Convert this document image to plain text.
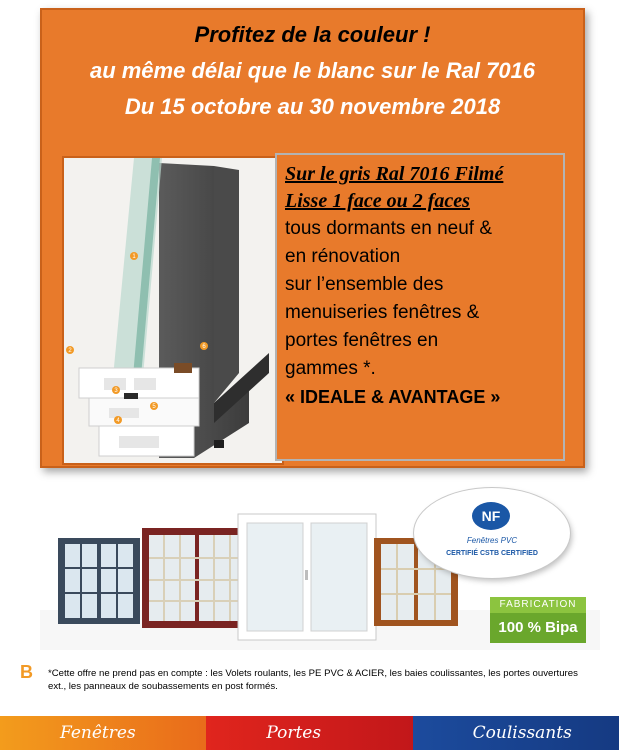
Profitez de la couleur !
au même délai que le blanc sur le Ral 7016
Du 15 octobre au 30 novembre 2018
1
2
3
4
5
6

Sur le gris Ral 7016 Filmé

Lisse 1 face ou 2 faces

tous dormants en neuf &

en rénovation

sur l’ensemble des

menuiseries fenêtres &

portes fenêtres en

gammes *.

« IDEALE & AVANTAGE »

NF
Fenêtres PVC
CERTIFIÉ CSTB CERTIFIED
FABRICATION
100 % Bipa
B *Cette offre ne prend pas en compte : les Volets roulants, les PE PVC & ACIER, les baies coulissantes, les portes ouvertures ext., les panneaux de soubassements en post formés.
Fenêtres	Portes	Coulissants
